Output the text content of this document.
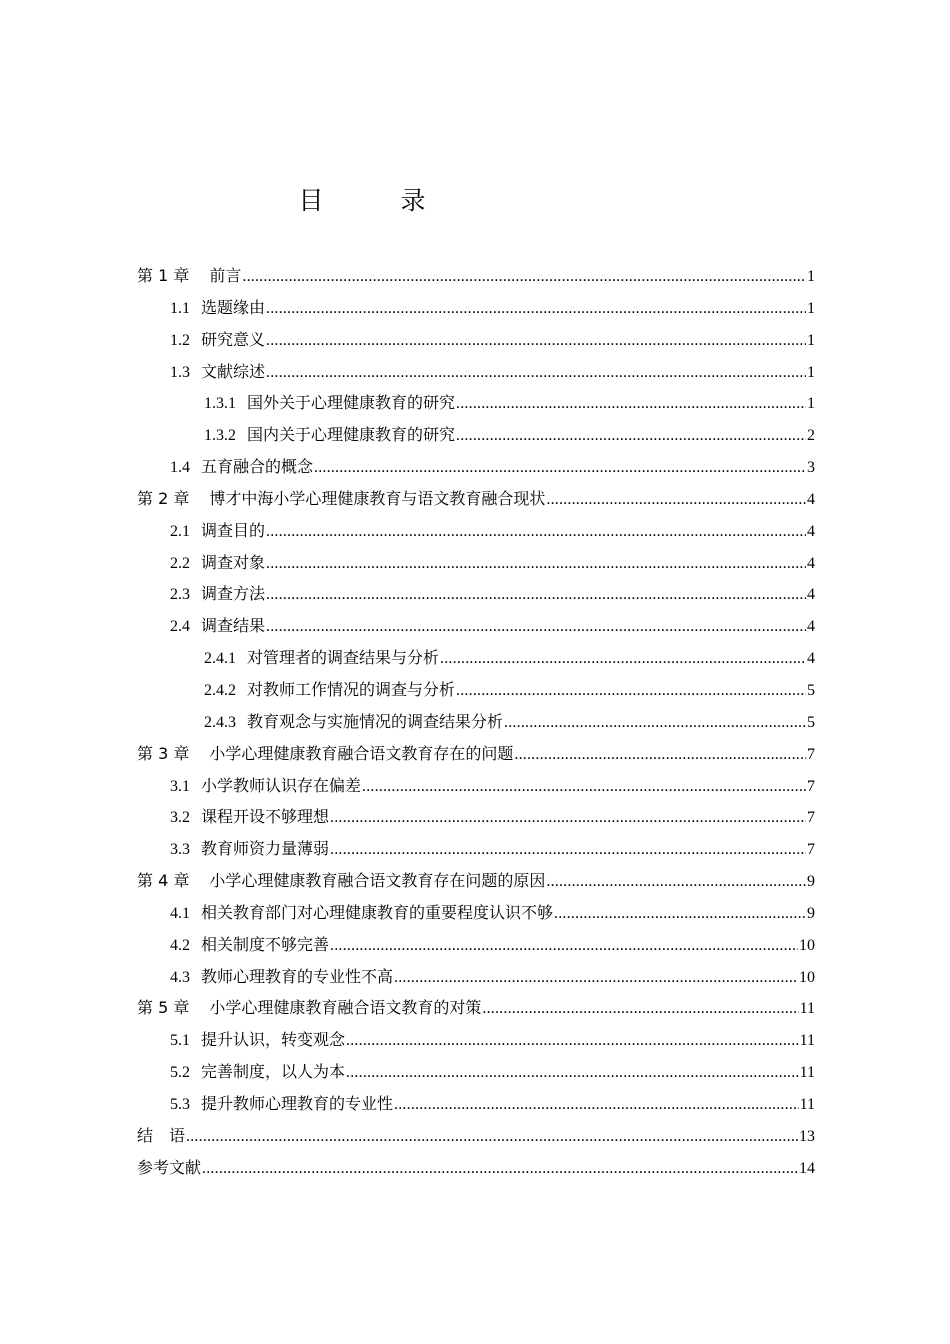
目　录
第 1 章 前言 .....	1
1.1 选题缘由 .....	1
1.2 研究意义 .....	1
1.3 文献综述 .....	1
1.3.1 国外关于心理健康教育的研究 .....	1
1.3.2 国内关于心理健康教育的研究 .....	2
1.4 五育融合的概念 .....	3
第 2 章 博才中海小学心理健康教育与语文教育融合现状 .....	4
2.1 调查目的 .....	4
2.2 调查对象 .....	4
2.3 调查方法 .....	4
2.4 调查结果 .....	4
2.4.1 对管理者的调查结果与分析 .....	4
2.4.2 对教师工作情况的调查与分析 .....	5
2.4.3 教育观念与实施情况的调查结果分析 .....	5
第 3 章 小学心理健康教育融合语文教育存在的问题 .....	7
3.1 小学教师认识存在偏差 .....	7
3.2 课程开设不够理想 .....	7
3.3 教育师资力量薄弱 .....	7
第 4 章 小学心理健康教育融合语文教育存在问题的原因 .....	9
4.1 相关教育部门对心理健康教育的重要程度认识不够 .....	9
4.2 相关制度不够完善 .....	10
4.3 教师心理教育的专业性不高 .....	10
第 5 章 小学心理健康教育融合语文教育的对策 .....	11
5.1 提升认识，转变观念 .....	11
5.2 完善制度，以人为本 .....	11
5.3 提升教师心理教育的专业性 .....	11
结　语 .....	13
参考文献 .....	14
